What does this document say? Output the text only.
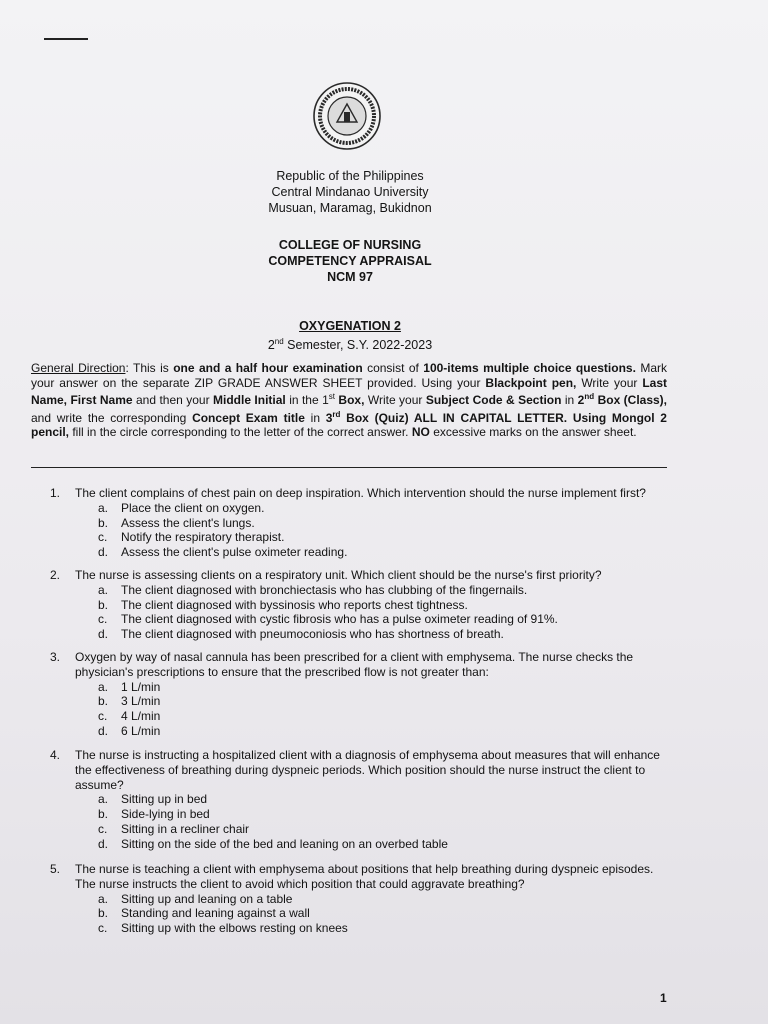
Republic of the Philippines
Central Mindanao University
Musuan, Maramag, Bukidnon
COLLEGE OF NURSING
COMPETENCY APPRAISAL
NCM 97
OXYGENATION 2
2nd Semester, S.Y. 2022-2023
General Direction: This is one and a half hour examination consist of 100-items multiple choice questions. Mark your answer on the separate ZIP GRADE ANSWER SHEET provided. Using your Blackpoint pen, Write your Last Name, First Name and then your Middle Initial in the 1st Box, Write your Subject Code & Section in 2nd Box (Class), and write the corresponding Concept Exam title in 3rd Box (Quiz) ALL IN CAPITAL LETTER. Using Mongol 2 pencil, fill in the circle corresponding to the letter of the correct answer. NO excessive marks on the answer sheet.
1.	The client complains of chest pain on deep inspiration. Which intervention should the nurse implement first?
a.	Place the client on oxygen.
b.	Assess the client's lungs.
c.	Notify the respiratory therapist.
d.	Assess the client's pulse oximeter reading.
2.	The nurse is assessing clients on a respiratory unit. Which client should be the nurse's first priority?
a.	The client diagnosed with bronchiectasis who has clubbing of the fingernails.
b.	The client diagnosed with byssinosis who reports chest tightness.
c.	The client diagnosed with cystic fibrosis who has a pulse oximeter reading of 91%.
d.	The client diagnosed with pneumoconiosis who has shortness of breath.
3.	Oxygen by way of nasal cannula has been prescribed for a client with emphysema. The nurse checks the physician's prescriptions to ensure that the prescribed flow is not greater than:
a.	1 L/min
b.	3 L/min
c.	4 L/min
d.	6 L/min
4.	The nurse is instructing a hospitalized client with a diagnosis of emphysema about measures that will enhance the effectiveness of breathing during dyspneic periods. Which position should the nurse instruct the client to assume?
a.	Sitting up in bed
b.	Side-lying in bed
c.	Sitting in a recliner chair
d.	Sitting on the side of the bed and leaning on an overbed table
5.	The nurse is teaching a client with emphysema about positions that help breathing during dyspneic episodes. The nurse instructs the client to avoid which position that could aggravate breathing?
a.	Sitting up and leaning on a table
b.	Standing and leaning against a wall
c.	Sitting up with the elbows resting on knees
1
